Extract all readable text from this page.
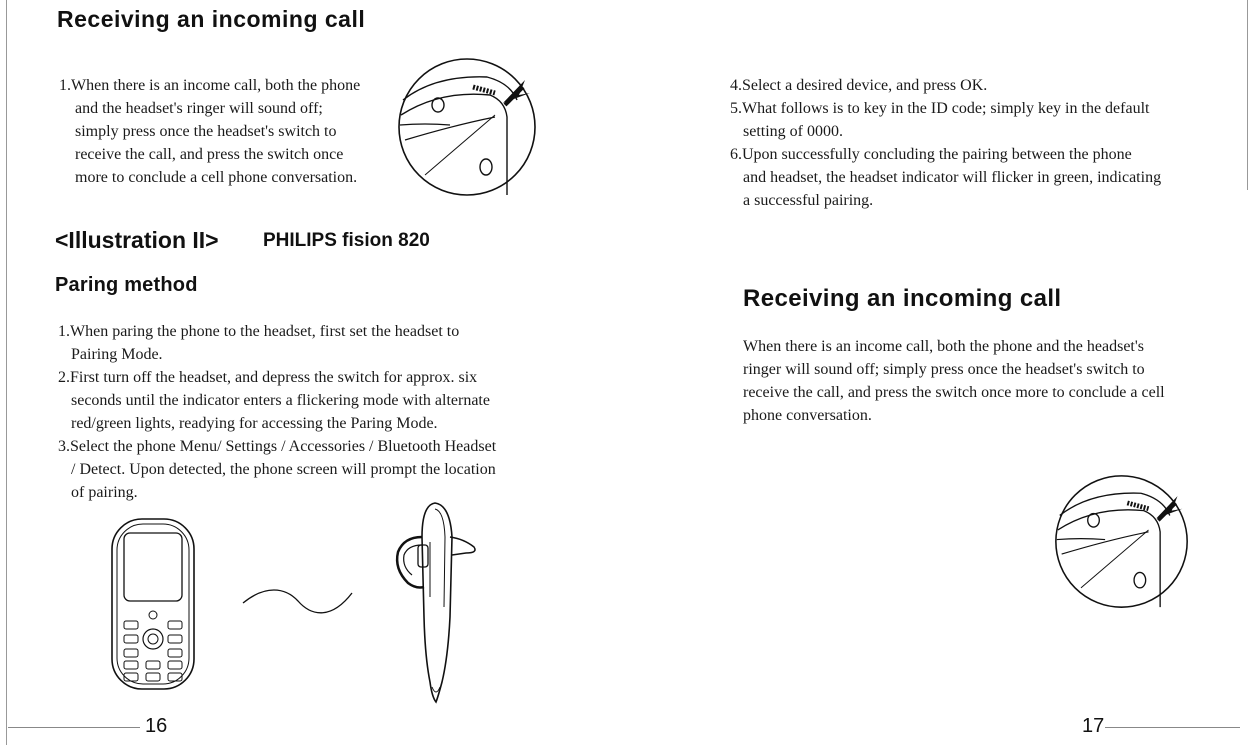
Receiving an incoming call
1.When there is an income call, both the phone
and the headset's ringer will sound off;
simply press once the headset's switch to
receive the call, and press the switch once
more to conclude a cell phone conversation.
<Illustration II> PHILIPS fision 820
Paring method
1.When paring the phone to the headset, first set the headset to
Pairing Mode.
2.First turn off the headset, and depress the switch for approx. six
seconds until the indicator enters a flickering mode with alternate
red/green lights, readying for accessing the Paring Mode.
3.Select the phone Menu/ Settings / Accessories / Bluetooth Headset
/ Detect. Upon detected, the phone screen will prompt the location
of pairing.
16
4.Select a desired device, and press OK.
5.What follows is to key in the ID code; simply key in the default
setting of 0000.
6.Upon successfully concluding the pairing between the phone
and headset, the headset indicator will flicker in green, indicating
a successful pairing.
Receiving an incoming call
When there is an income call, both the phone and the headset's
ringer will sound off; simply press once the headset's switch to
receive the call, and press the switch once more to conclude a cell
phone conversation.
17
